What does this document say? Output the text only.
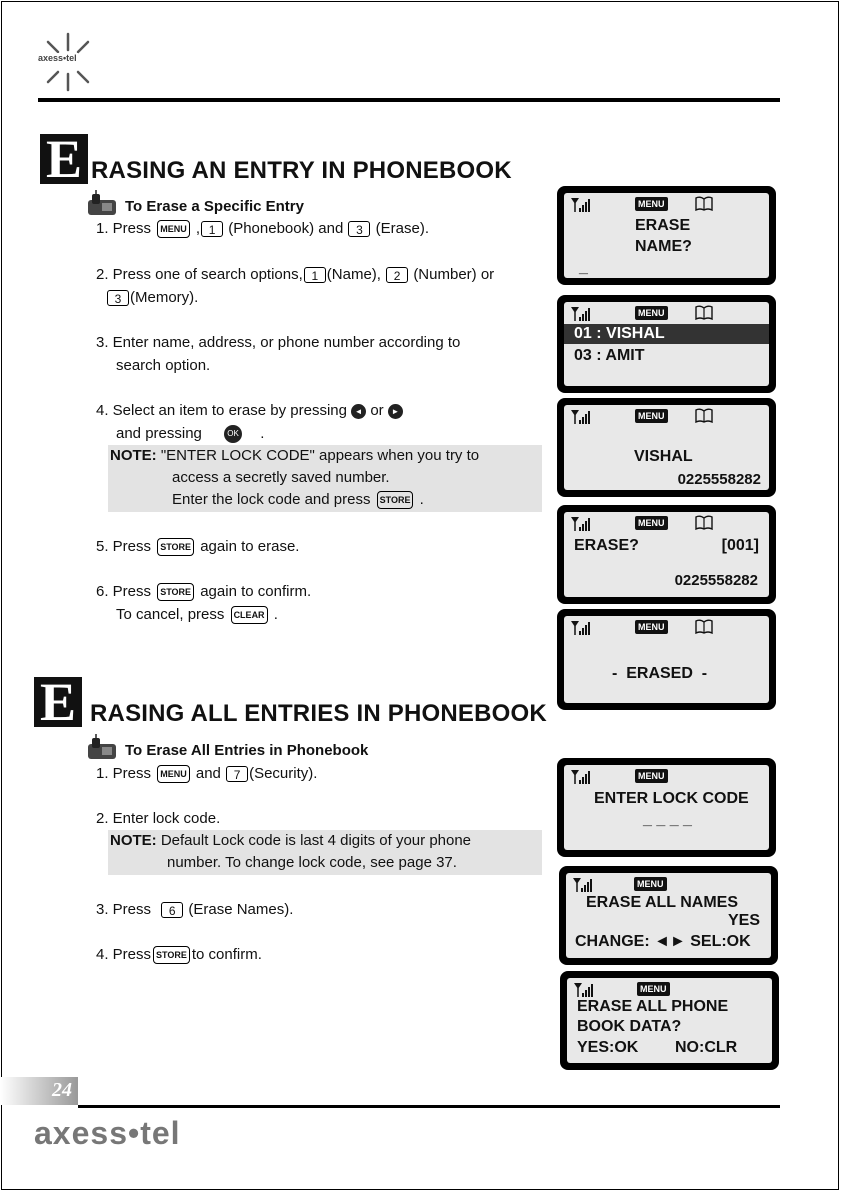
axess•tel
E RASING AN ENTRY IN PHONEBOOK
To Erase a Specific Entry
1. Press MENU , 1 (Phonebook) and 3 (Erase).
2. Press one of search options, 1 (Name), 2 (Number) or
3 (Memory).
3. Enter name, address, or phone number according to
search option.
4. Select an item to erase by pressing ◄ or ►
and pressing	OK .
NOTE: "ENTER LOCK CODE" appears when you try to
access a secretly saved number.
Enter the lock code and press STORE .
5. Press STORE again to erase.
6. Press STORE again to confirm.
To cancel, press CLEAR .
E RASING ALL ENTRIES IN PHONEBOOK
To Erase All Entries in Phonebook
1. Press MENU and 7 (Security).
2. Enter lock code.
NOTE: Default Lock code is last 4 digits of your phone
number. To change lock code, see page 37.
3. Press 6 (Erase Names).
4. Press STORE to confirm.
MENU
ERASE
NAME?
_
MENU
01 : VISHAL
03 : AMIT
MENU
VISHAL
0225558282
MENU
ERASE?	[001]
0225558282
MENU
-  ERASED  -
MENU
ENTER LOCK CODE
_ _ _ _
MENU
ERASE ALL NAMES
YES
CHANGE: ◄► SEL:OK
MENU
ERASE ALL PHONE
BOOK DATA?
YES:OK NO:CLR
24
axess•tel
